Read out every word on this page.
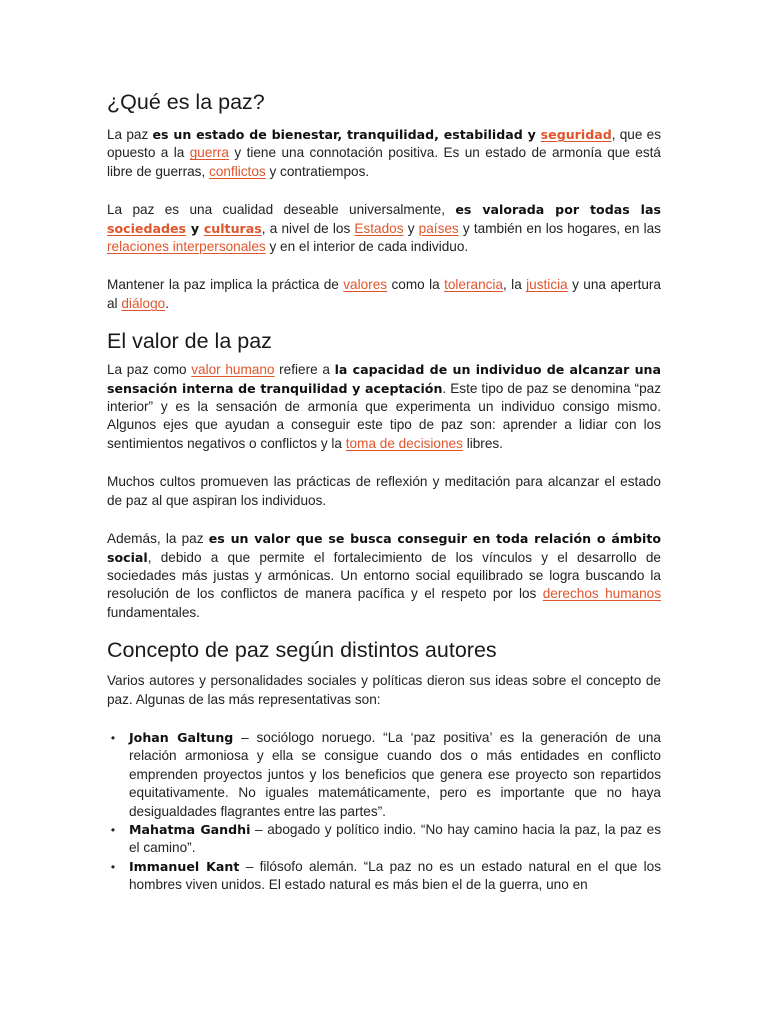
¿Qué es la paz?

La paz es un estado de bienestar, tranquilidad, estabilidad y seguridad, que es opuesto a la guerra y tiene una connotación positiva. Es un estado de armonía que está libre de guerras, conflictos y contratiempos.

La paz es una cualidad deseable universalmente, es valorada por todas las sociedades y culturas, a nivel de los Estados y países y también en los hogares, en las relaciones interpersonales y en el interior de cada individuo.

Mantener la paz implica la práctica de valores como la tolerancia, la justicia y una apertura al diálogo.

El valor de la paz

La paz como valor humano refiere a la capacidad de un individuo de alcanzar una sensación interna de tranquilidad y aceptación. Este tipo de paz se denomina “paz interior” y es la sensación de armonía que experimenta un individuo consigo mismo. Algunos ejes que ayudan a conseguir este tipo de paz son: aprender a lidiar con los sentimientos negativos o conflictos y la toma de decisiones libres.

Muchos cultos promueven las prácticas de reflexión y meditación para alcanzar el estado de paz al que aspiran los individuos.

Además, la paz es un valor que se busca conseguir en toda relación o ámbito social, debido a que permite el fortalecimiento de los vínculos y el desarrollo de sociedades más justas y armónicas. Un entorno social equilibrado se logra buscando la resolución de los conflictos de manera pacífica y el respeto por los derechos humanos fundamentales.

Concepto de paz según distintos autores

Varios autores y personalidades sociales y políticas dieron sus ideas sobre el concepto de paz. Algunas de las más representativas son:

•	Johan Galtung – sociólogo noruego. “La ‘paz positiva’ es la generación de una relación armoniosa y ella se consigue cuando dos o más entidades en conflicto emprenden proyectos juntos y los beneficios que genera ese proyecto son repartidos equitativamente. No iguales matemáticamente, pero es importante que no haya desigualdades flagrantes entre las partes”.
•	Mahatma Gandhi – abogado y político indio. “No hay camino hacia la paz, la paz es el camino”.
•	Immanuel Kant – filósofo alemán. “La paz no es un estado natural en el que los hombres viven unidos. El estado natural es más bien el de la guerra, uno en
